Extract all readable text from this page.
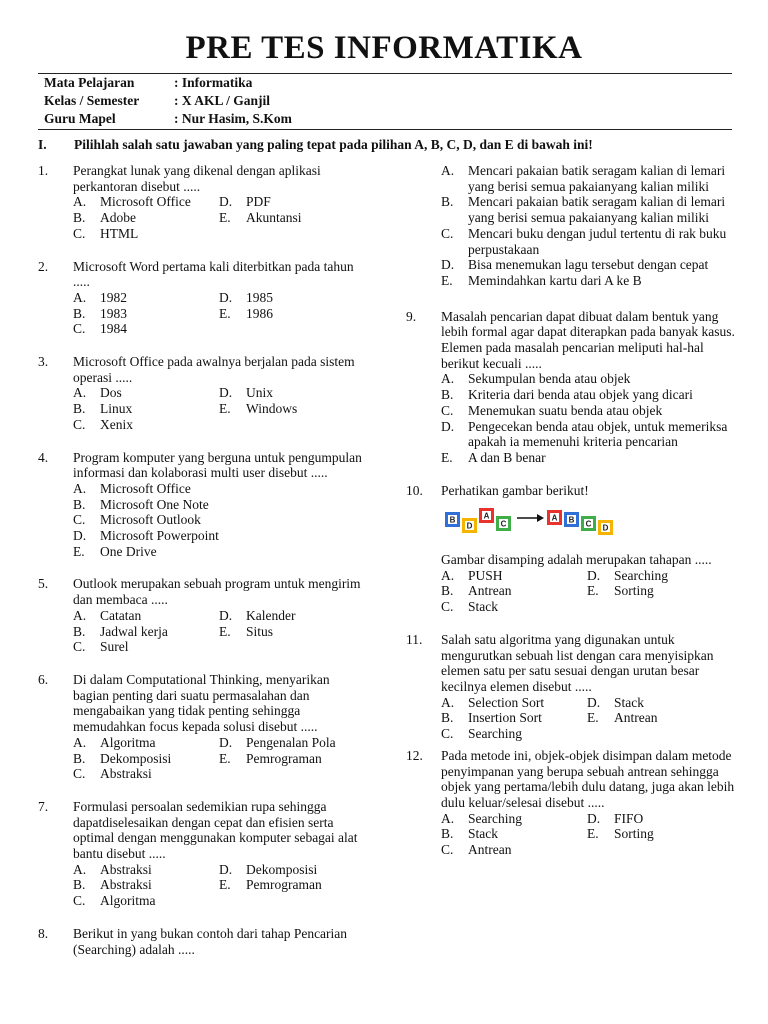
PRE TES INFORMATIKA
Mata Pelajaran	: Informatika
Kelas / Semester	: X AKL / Ganjil
Guru Mapel	: Nur Hasim, S.Kom
I.	Pilihlah salah satu jawaban yang paling tepat pada pilihan A, B, C, D, dan E di bawah ini!
1.	Perangkat lunak yang dikenal dengan aplikasi perkantoran disebut .....
A.	Microsoft Office D.	PDF
B.	Adobe	E.	Akuntansi
C.	HTML
2.	Microsoft Word pertama kali diterbitkan pada tahun .....
A.	1982	D.	1985
B.	1983	E.	1986
C.	1984
3.	Microsoft Office pada awalnya berjalan pada sistem operasi .....
A.	Dos	D.	Unix
B.	Linux	E.	Windows
C.	Xenix
4.	Program komputer yang berguna untuk pengumpulan informasi dan kolaborasi multi user disebut .....
A.	Microsoft Office
B.	Microsoft One Note
C.	Microsoft Outlook
D.	Microsoft Powerpoint
E.	One Drive
5.	Outlook merupakan sebuah program untuk mengirim dan membaca .....
A.	Catatan	D.	Kalender
B.	Jadwal kerja	E.	Situs
C.	Surel
6.	Di dalam Computational Thinking, menyarikan bagian penting dari suatu permasalahan dan mengabaikan yang tidak penting sehingga memudahkan focus kepada solusi disebut .....
A.	Algoritma	D.	Pengenalan Pola
B.	Dekomposisi	E.	Pemrograman
C.	Abstraksi
7.	Formulasi persoalan sedemikian rupa sehingga dapatdiselesaikan dengan cepat dan efisien serta optimal dengan menggunakan komputer sebagai alat bantu disebut .....
A.	Abstraksi	D.	Dekomposisi
B.	Abstraksi	E.	Pemrograman
C.	Algoritma
8.	Berikut in yang bukan contoh dari tahap Pencarian (Searching) adalah .....
A.	Mencari pakaian batik seragam kalian di lemari yang berisi semua pakaianyang kalian miliki
B.	Mencari pakaian batik seragam kalian di lemari yang berisi semua pakaianyang kalian miliki
C.	Mencari buku dengan judul tertentu di rak buku perpustakaan
D.	Bisa menemukan lagu tersebut dengan cepat
E.	Memindahkan kartu dari A ke B
9.	Masalah pencarian dapat dibuat dalam bentuk yang lebih formal agar dapat diterapkan pada banyak kasus. Elemen pada masalah pencarian meliputi hal-hal berikut kecuali .....
A.	Sekumpulan benda atau objek
B.	Kriteria dari benda atau objek yang dicari
C.	Menemukan suatu benda atau objek
D.	Pengecekan benda atau objek, untuk memeriksa apakah ia memenuhi kriteria pencarian
E.	A dan B benar
10.	Perhatikan gambar berikut!
B
D
A
C
A B C D
Gambar disamping adalah merupakan tahapan .....
A.	PUSH	D.	Searching
B.	Antrean	E.	Sorting
C.	Stack
11.	Salah satu algoritma yang digunakan untuk mengurutkan sebuah list dengan cara menyisipkan elemen satu per satu sesuai dengan urutan besar kecilnya elemen disebut .....
A.	Selection Sort	D.	Stack
B.	Insertion Sort	E.	Antrean
C.	Searching
12.	Pada metode ini, objek-objek disimpan dalam metode penyimpanan yang berupa sebuah antrean sehingga objek yang pertama/lebih dulu datang, juga akan lebih dulu keluar/selesai disebut .....
A.	Searching	D.	FIFO
B.	Stack	E.	Sorting
C.	Antrean
